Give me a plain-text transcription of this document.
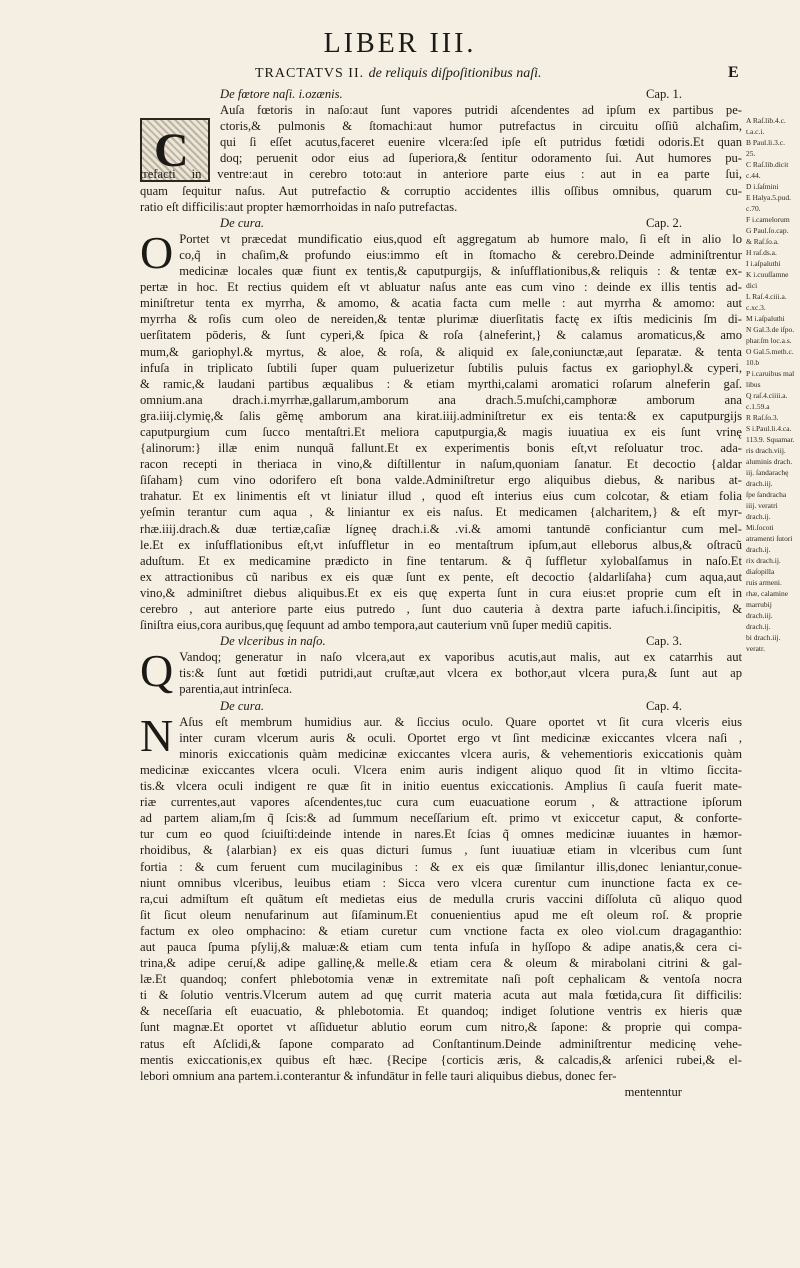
LIBER III.
TRACTATVS II. de reliquis diſpoſitionibus naſi.	E
C
De fœtore naſi. i.ozænis.	Cap. 1.
Auſa fœtoris in naſo:aut ſunt vapores putridi aſcendentes ad ipſum ex partibus pe-
ctoris,& pulmonis & ſtomachi:aut humor putrefactus in circuitu oſſiũ alchaſim,
qui ſi eſſet acutus,faceret euenire vlcera:ſed ipſe eſt putridus fœtidi odoris.Et quan
doq; peruenit odor eius ad ſuperiora,& ſentitur odoramento ſui. Aut humores pu-
trefacti in ventre:aut in cerebro toto:aut in anteriore parte eius : aut in ea parte ſui,
quam ſequitur naſus. Aut putrefactio & corruptio accidentes illis oſſibus omnibus, quarum cu-
ratio eſt difficilis:aut propter hæmorrhoidas in naſo putrefactas.
De cura.	Cap. 2.
O Portet vt præcedat mundificatio eius,quod eſt aggregatum ab humore malo, ſi eſt in alio lo
co,q̃ in chaſim,& profundo eius:immo eſt in ſtomacho & cerebro.Deinde adminiſtrentur
medicinæ locales quæ fiunt ex tentis,& caputpurgijs, & inſufflationibus,& reliquis : & tentæ ex-
pertæ in hoc. Et rectius quidem eſt vt abluatur naſus ante eas cum vino : deinde ex illis tentis ad-
miniſtretur tenta ex myrrha, & amomo, & acatia facta cum melle : aut myrrha & amomo: aut
myrrha & roſis cum oleo de nereiden,& tentæ plurimæ diuerſitatis factę ex iſtis medicinis ſm di-
uerſitatem pōderis, & ſunt cyperi,& ſpica & roſa {alneferint,} & calamus aromaticus,& amo
mum,& gariophyl.& myrtus, & aloe, & roſa, & aliquid ex ſale,coniunctæ,aut ſeparatæ. & tenta
infuſa in triplicato ſubtili ſuper quam puluerizetur ſubtilis puluis factus ex gariophyl.& cyperi,
& ramic,& laudani partibus æqualibus : & etiam myrthi,calami aromatici roſarum alneferin gaſ.
omnium.ana drach.i.myrrhæ,gallarum,amborum ana drach.5.muſchi,camphoræ amborum ana
gra.iiij.clymię,& ſalis gẽmę amborum ana kirat.iiij.adminiſtretur ex eis tenta:& ex caputpurgijs
caputpurgium cum ſucco mentaſtri.Et meliora caputpurgia,& magis iuuatiua ex eis ſunt vrinę
{alinorum:} illæ enim nunquã fallunt.Et ex experimentis bonis eſt,vt reſoluatur troc. ada-
racon recepti in theriaca in vino,& diſtillentur in naſum,quoniam ſanatur. Et decoctio {aldar
ſiſaham} cum vino odorifero eſt bona valde.Adminiſtretur ergo aliquibus diebus, & naribus at-
trahatur. Et ex linimentis eſt vt liniatur illud , quod eſt interius eius cum colcotar, & etiam folia
yeſmin terantur cum aqua , & liniantur ex eis naſus. Et medicamen {alcharitem,} & eſt myr-
rhæ.iiij.drach.& duæ tertiæ,caſiæ lígneę drach.i.& .vi.& amomi tantundē conficiantur cum mel-
le.Et ex inſufflationibus eſt,vt inſuffletur in eo mentaſtrum ipſum,aut elleborus albus,& oſtracũ
aduſtum. Et ex medicamine prædicto in fine tentarum. & q̃ ſuffletur xylobalſamus in naſo.Et
ex attractionibus cũ naribus ex eis quæ ſunt ex pente, eſt decoctio {aldarliſaha} cum aqua,aut
vino,& adminiſtret diebus aliquibus.Et ex eis quę experta ſunt in cura eius:et proprie cum eſt in
cerebro , aut anteriore parte eius putredo , ſunt duo cauteria à dextra parte iafuch.i.ſincipitis, &
ſiniſtra eius,cora auribus,quę ſequunt ad ambo tempora,aut cauterium vnũ ſuper mediũ capitis.
De vlceribus in naſo.	Cap. 3.
Q Vandoq; generatur in naſo vlcera,aut ex vaporibus acutis,aut malis, aut ex catarrhis aut
tis:& ſunt aut fœtidi putridi,aut cruſtæ,aut vlcera ex bothor,aut vlcera pura,& ſunt aut ap
parentia,aut intrinſeca.
De cura.	Cap. 4.
N Aſus eſt membrum humidius aur. & ſiccius oculo. Quare oportet vt ſit cura vlceris eius
inter curam vlcerum auris & oculi. Oportet ergo vt ſint medicinæ exiccantes vlcera naſi ,
minoris exiccationis quàm medicinæ exiccantes vlcera auris, & vehementioris exiccationis quàm
medicinæ exiccantes vlcera oculi. Vlcera enim auris indigent aliquo quod ſit in vltimo ſiccita-
tis.& vlcera oculi indigent re quæ ſit in initio euentus exiccationis. Amplius ſi cauſa fuerit mate-
riæ currentes,aut vapores aſcendentes,tuc cura cum euacuatione eorum , & attractione ipſorum
ad partem aliam,ſm q̃ ſcis:& ad ſummum neceſſarium eſt. primo vt exiccetur caput, & conforte-
tur cum eo quod ſciuiſti:deinde intende in nares.Et ſcias q̃ omnes medicinæ iuuantes in hæmor-
rhoidibus, & {alarbian} ex eis quas dicturi ſumus , ſunt iuuatiuæ etiam in vlceribus cum ſunt
fortia : & cum feruent cum mucilaginibus : & ex eis quæ ſimilantur illis,donec leniantur,conue-
niunt omnibus vlceribus, leuibus etiam : Sicca vero vlcera curentur cum inunctione facta ex ce-
ra,cui admiſtum eſt quãtum eſt medietas eius de medulla cruris vaccini diſſoluta cũ aliquo quod
ſit ſicut oleum nenufarinum aut ſiſaminum.Et conuenientius apud me eſt oleum roſ. & proprie
factum ex oleo omphacino: & etiam curetur cum vnctione facta ex oleo viol.cum dragaganthio:
aut pauca ſpuma pſylij,& maluæ:& etiam cum tenta infuſa in hyſſopo & adipe anatis,& cera ci-
trina,& adipe ceruí,& adipe gallinę,& melle.& etiam cera & oleum & mirabolani citrini & gal-
læ.Et quandoq; confert phlebotomia venæ in extremitate naſi poſt cephalicam & ventoſa nocra
ti & ſolutio ventris.Vlcerum autem ad quę currit materia acuta aut mala fœtida,cura ſit difficilis:
& neceſſaria eſt euacuatio, & phlebotomia. Et quandoq; indiget ſolutione ventris ex hieris quæ
ſunt magnæ.Et oportet vt aſſiduetur ablutio eorum cum nitro,& ſapone: & proprie qui compa-
ratus eſt Aſclidi,& ſapone comparato ad Conſtantinum.Deinde adminiſtrentur medicinę vehe-
mentis exiccationis,ex quibus eſt hæc. {Recipe {corticis æris, & calcadis,& arſenici rubei,& el-
lebori omnium ana partem.i.conterantur & infundātur in felle tauri aliquibus diebus, donec fer-
mentenntur
A Raſ.lib.4.c.
t.a.c.i.
B Paul.li.3.c.
25.
C Raſ.lib.dicit
c.44.
D i.ſaſmini
E Halya.5.pud.
c.70.
F i.camelorum
G Paul.ſo.cap.
& Raſ.ſo.a.
H raſ.ds.a.
I i.aſpaluthi
K i.cuuſſamne
dici
L Raſ.4.ciii.a.
c.xc.3.
M i.aſpaluthi
N Gal.3.de iſpo.
phar.ſm loc.a.s.
O Gal.5.meth.c.
10.b
P i.caruibus mal
libus
Q raſ.4.ciiii.a.
c.1.59.a
R Raſ.ſo.3.
S i.Paul.li.4.ca.
113.9. Squamar.
ris drach.viij.
aluminis drach.
iij. ſandarachę
drach.iij.
ſpe ſandracha
iiij. veratri
drach.ij.
Mi.ſocoti
atramenti ſutori
drach.ij.
rix drach.ij.
diaſopilla
ruis armeni.
rhæ, calamine
marrubij
drach.iij.
drach.ij.
bi drach.iij.
veratr.
